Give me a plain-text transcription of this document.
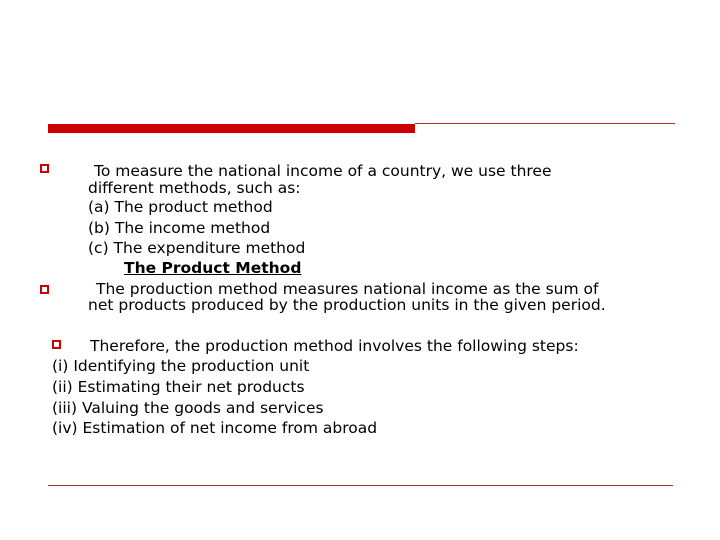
To measure the national income of a country, we use three

different methods, such as:

(a) The product method

(b) The income method

(c) The expenditure method

The Product Method

The production method measures national income as the sum of

net products produced by the production units in the given period.

Therefore, the production method involves the following steps:

(i) Identifying the production unit

(ii) Estimating their net products

(iii) Valuing the goods and services

(iv) Estimation of net income from abroad
